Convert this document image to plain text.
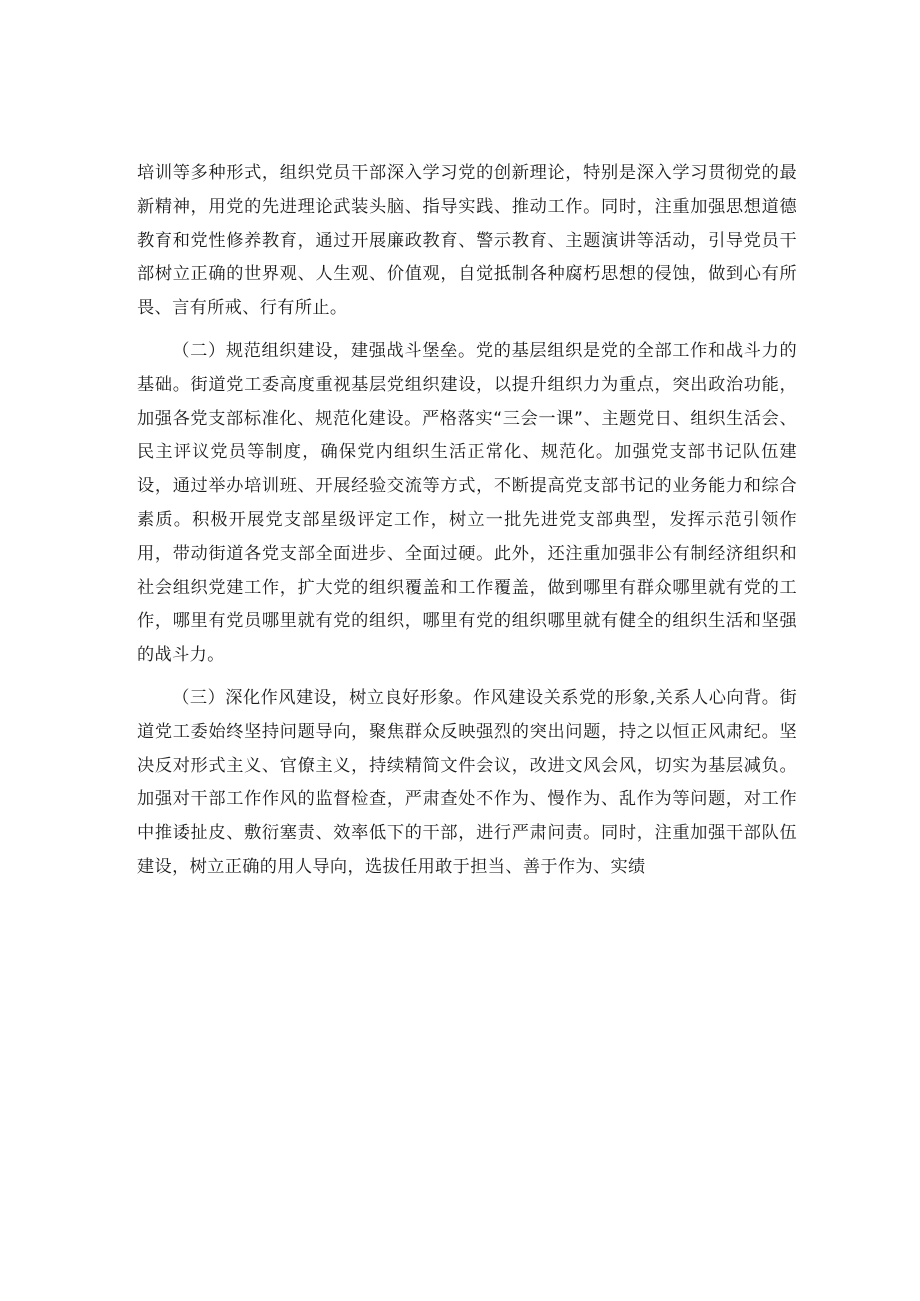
培训等多种形式，组织党员干部深入学习党的创新理论，特别是深入学习贯彻党的最新精神，用党的先进理论武装头脑、指导实践、推动工作。同时，注重加强思想道德教育和党性修养教育，通过开展廉政教育、警示教育、主题演讲等活动，引导党员干部树立正确的世界观、人生观、价值观，自觉抵制各种腐朽思想的侵蚀，做到心有所畏、言有所戒、行有所止。

（二）规范组织建设，建强战斗堡垒。党的基层组织是党的全部工作和战斗力的基础。街道党工委高度重视基层党组织建设，以提升组织力为重点，突出政治功能，加强各党支部标准化、规范化建设。严格落实“三会一课”、主题党日、组织生活会、民主评议党员等制度，确保党内组织生活正常化、规范化。加强党支部书记队伍建设，通过举办培训班、开展经验交流等方式，不断提高党支部书记的业务能力和综合素质。积极开展党支部星级评定工作，树立一批先进党支部典型，发挥示范引领作用，带动街道各党支部全面进步、全面过硬。此外，还注重加强非公有制经济组织和社会组织党建工作，扩大党的组织覆盖和工作覆盖，做到哪里有群众哪里就有党的工作，哪里有党员哪里就有党的组织，哪里有党的组织哪里就有健全的组织生活和坚强的战斗力。

（三）深化作风建设，树立良好形象。作风建设关系党的形象,关系人心向背。街道党工委始终坚持问题导向，聚焦群众反映强烈的突出问题，持之以恒正风肃纪。坚决反对形式主义、官僚主义，持续精简文件会议，改进文风会风，切实为基层减负。加强对干部工作作风的监督检查，严肃查处不作为、慢作为、乱作为等问题，对工作中推诿扯皮、敷衍塞责、效率低下的干部，进行严肃问责。同时，注重加强干部队伍建设，树立正确的用人导向，选拔任用敢于担当、善于作为、实绩
